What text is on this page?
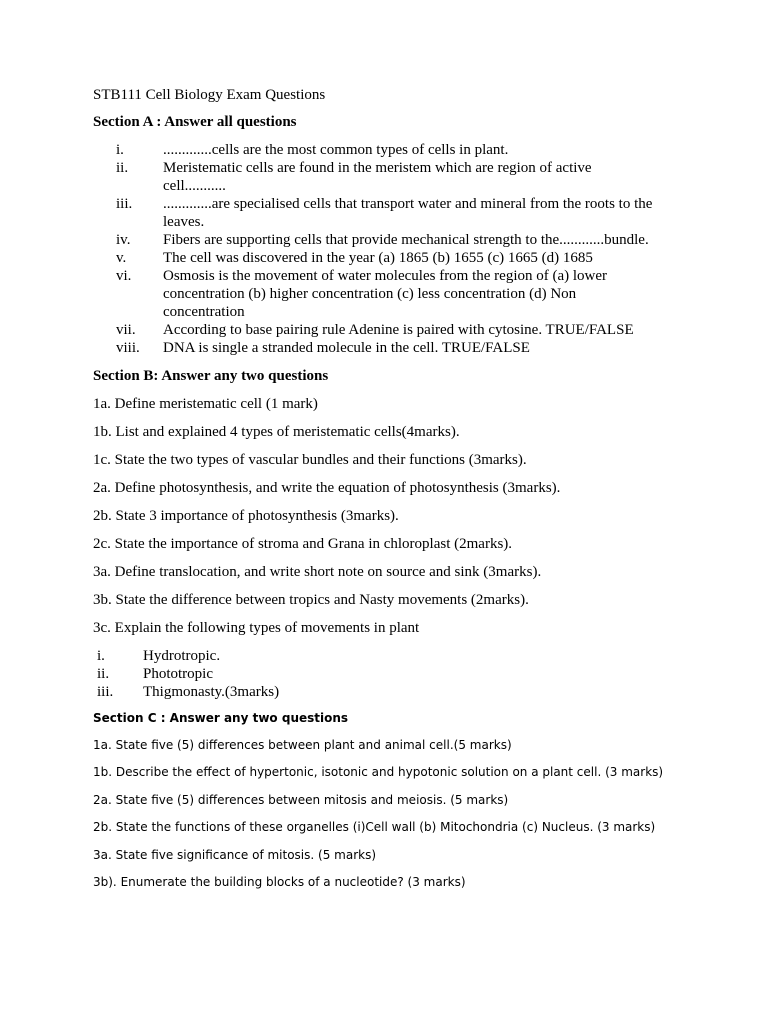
STB111 Cell Biology Exam Questions

Section A : Answer all questions

i.	.............cells are the most common types of cells in plant.
ii.	Meristematic cells are found in the meristem which are region of active cell...........
iii.	.............are specialised cells that transport water and mineral from the roots to the leaves.
iv.	Fibers are supporting cells that provide mechanical strength to the............bundle.
v.	The cell was discovered in the year (a) 1865 (b) 1655 (c) 1665 (d) 1685
vi.	Osmosis is the movement of water molecules from the region of (a) lower concentration (b) higher concentration (c) less concentration (d) Non concentration
vii.	According to base pairing rule Adenine is paired with cytosine. TRUE/FALSE
viii.	DNA is single a stranded molecule in the cell. TRUE/FALSE

Section B: Answer any two questions

1a. Define meristematic cell (1 mark)

1b. List and explained 4 types of meristematic cells(4marks).

1c. State the two types of vascular bundles and their functions (3marks).

2a. Define photosynthesis, and write the equation of photosynthesis (3marks).

2b. State 3 importance of photosynthesis (3marks).

2c. State the importance of stroma and Grana in chloroplast (2marks).

3a. Define translocation, and write short note on source and sink (3marks).

3b. State the difference between tropics and Nasty movements (2marks).

3c. Explain the following types of movements in plant

i.	Hydrotropic.
ii.	Phototropic
iii.	Thigmonasty.(3marks)

Section C : Answer any two questions

1a. State five (5) differences between plant and animal cell.(5 marks)

1b. Describe the effect of hypertonic, isotonic and hypotonic solution on a plant cell. (3 marks)

2a. State five (5) differences between mitosis and meiosis. (5 marks)

2b. State the functions of these organelles (i)Cell wall (b) Mitochondria (c) Nucleus. (3 marks)

3a. State five significance of mitosis. (5 marks)

3b). Enumerate the building blocks of a nucleotide? (3 marks)
